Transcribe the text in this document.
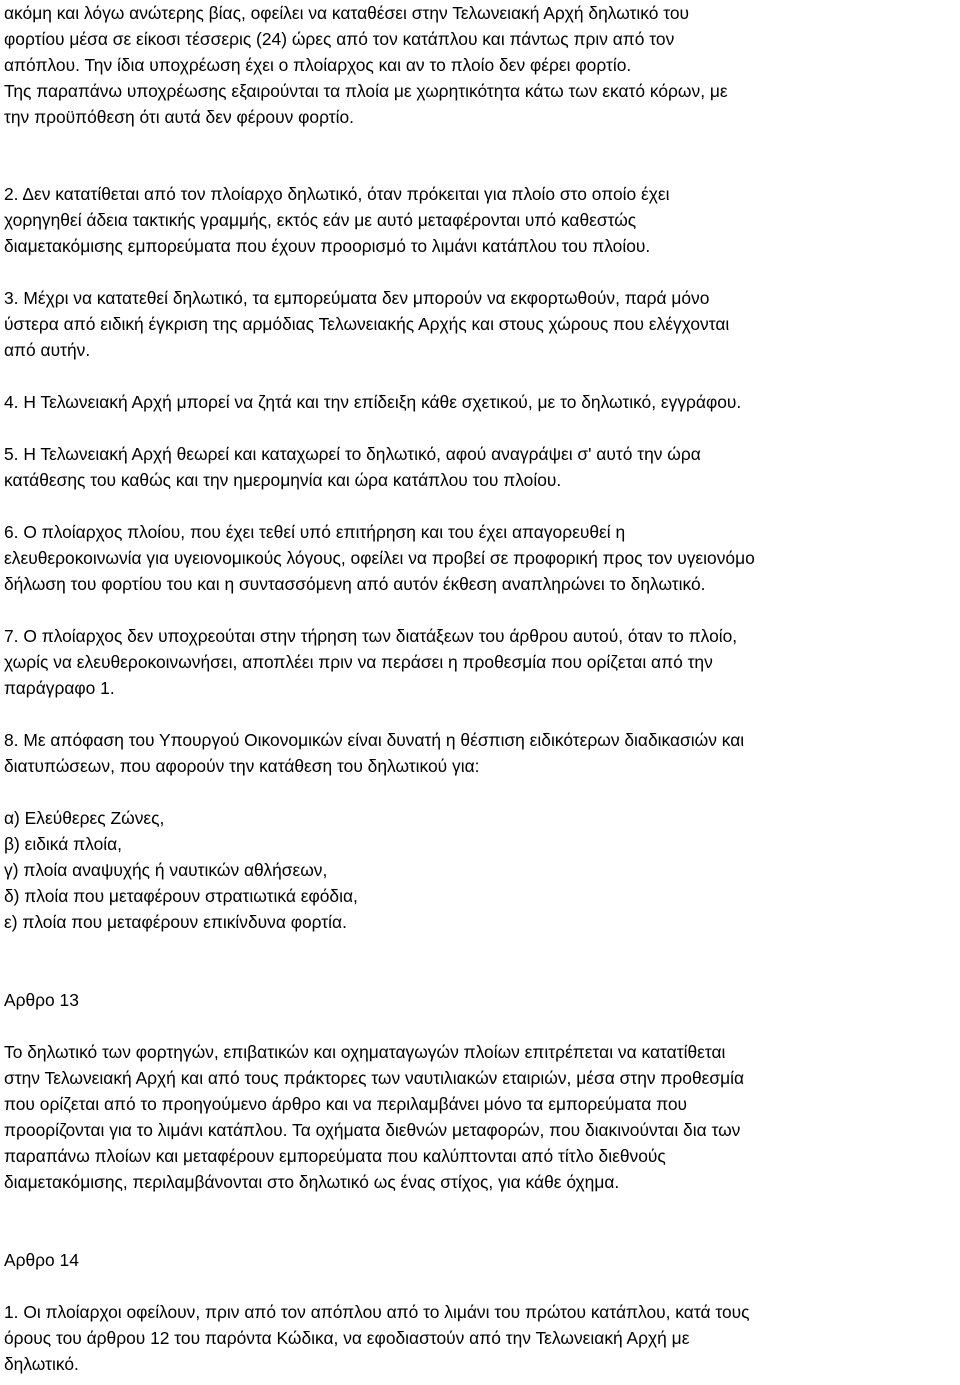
ακόμη και λόγω ανώτερης βίας, οφείλει να καταθέσει στην Τελωνειακή Αρχή δηλωτικό του
φορτίου μέσα σε είκοσι τέσσερις (24) ώρες από τον κατάπλου και πάντως πριν από τον
απόπλου. Την ίδια υποχρέωση έχει ο πλοίαρχος και αν το πλοίο δεν φέρει φορτίο.
Της παραπάνω υποχρέωσης εξαιρούνται τα πλοία με χωρητικότητα κάτω των εκατό κόρων, με
την προϋπόθεση ότι αυτά δεν φέρουν φορτίο.
2. Δεν κατατίθεται από τον πλοίαρχο δηλωτικό, όταν πρόκειται για πλοίο στο οποίο έχει
χορηγηθεί άδεια τακτικής γραμμής, εκτός εάν με αυτό μεταφέρονται υπό καθεστώς
διαμετακόμισης εμπορεύματα που έχουν προορισμό το λιμάνι κατάπλου του πλοίου.
3. Μέχρι να κατατεθεί δηλωτικό, τα εμπορεύματα δεν μπορούν να εκφορτωθούν, παρά μόνο
ύστερα από ειδική έγκριση της αρμόδιας Τελωνειακής Αρχής και στους χώρους που ελέγχονται
από αυτήν.
4. Η Τελωνειακή Αρχή μπορεί να ζητά και την επίδειξη κάθε σχετικού, με το δηλωτικό, εγγράφου.
5. Η Τελωνειακή Αρχή θεωρεί και καταχωρεί το δηλωτικό, αφού αναγράψει σ' αυτό την ώρα
κατάθεσης του καθώς και την ημερομηνία και ώρα κατάπλου του πλοίου.
6. Ο πλοίαρχος πλοίου, που έχει τεθεί υπό επιτήρηση και του έχει απαγορευθεί η
ελευθεροκοινωνία για υγειονομικούς λόγους, οφείλει να προβεί σε προφορική προς τον υγειονόμο
δήλωση του φορτίου του και η συντασσόμενη από αυτόν έκθεση αναπληρώνει το δηλωτικό.
7. Ο πλοίαρχος δεν υποχρεούται στην τήρηση των διατάξεων του άρθρου αυτού, όταν το πλοίο,
χωρίς να ελευθεροκοινωνήσει, αποπλέει πριν να περάσει η προθεσμία που ορίζεται από την
παράγραφο 1.
8. Με απόφαση του Υπουργού Οικονομικών είναι δυνατή η θέσπιση ειδικότερων διαδικασιών και
διατυπώσεων, που αφορούν την κατάθεση του δηλωτικού για:
α) Ελεύθερες Ζώνες,
β) ειδικά πλοία,
γ) πλοία αναψυχής ή ναυτικών αθλήσεων,
δ) πλοία που μεταφέρουν στρατιωτικά εφόδια,
ε) πλοία που μεταφέρουν επικίνδυνα φορτία.
Αρθρο 13
Το δηλωτικό των φορτηγών, επιβατικών και οχηματαγωγών πλοίων επιτρέπεται να κατατίθεται
στην Τελωνειακή Αρχή και από τους πράκτορες των ναυτιλιακών εταιριών, μέσα στην προθεσμία
που ορίζεται από το προηγούμενο άρθρο και να περιλαμβάνει μόνο τα εμπορεύματα που
προορίζονται για το λιμάνι κατάπλου. Τα οχήματα διεθνών μεταφορών, που διακινούνται δια των
παραπάνω πλοίων και μεταφέρουν εμπορεύματα που καλύπτονται από τίτλο διεθνούς
διαμετακόμισης, περιλαμβάνονται στο δηλωτικό ως ένας στίχος, για κάθε όχημα.
Αρθρο 14
1. Οι πλοίαρχοι οφείλουν, πριν από τον απόπλου από το λιμάνι του πρώτου κατάπλου, κατά τους
όρους του άρθρου 12 του παρόντα Κώδικα, να εφοδιαστούν από την Τελωνειακή Αρχή με
δηλωτικό.
